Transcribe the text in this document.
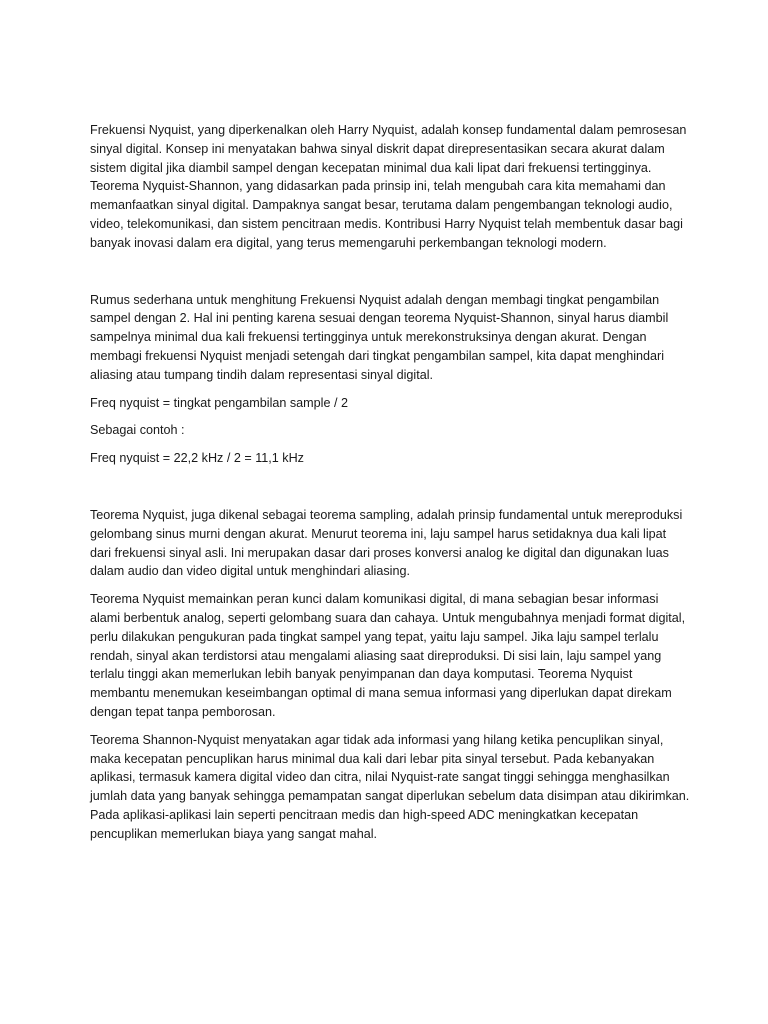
Frekuensi Nyquist, yang diperkenalkan oleh Harry Nyquist, adalah konsep fundamental dalam pemrosesan sinyal digital. Konsep ini menyatakan bahwa sinyal diskrit dapat direpresentasikan secara akurat dalam sistem digital jika diambil sampel dengan kecepatan minimal dua kali lipat dari frekuensi tertingginya. Teorema Nyquist-Shannon, yang didasarkan pada prinsip ini, telah mengubah cara kita memahami dan memanfaatkan sinyal digital. Dampaknya sangat besar, terutama dalam pengembangan teknologi audio, video, telekomunikasi, dan sistem pencitraan medis. Kontribusi Harry Nyquist telah membentuk dasar bagi banyak inovasi dalam era digital, yang terus memengaruhi perkembangan teknologi modern.

Rumus sederhana untuk menghitung Frekuensi Nyquist adalah dengan membagi tingkat pengambilan sampel dengan 2. Hal ini penting karena sesuai dengan teorema Nyquist-Shannon, sinyal harus diambil sampelnya minimal dua kali frekuensi tertingginya untuk merekonstruksinya dengan akurat. Dengan membagi frekuensi Nyquist menjadi setengah dari tingkat pengambilan sampel, kita dapat menghindari aliasing atau tumpang tindih dalam representasi sinyal digital.

Freq nyquist = tingkat pengambilan sample / 2

Sebagai contoh :

Freq nyquist = 22,2 kHz / 2 = 11,1 kHz

Teorema Nyquist, juga dikenal sebagai teorema sampling, adalah prinsip fundamental untuk mereproduksi gelombang sinus murni dengan akurat. Menurut teorema ini, laju sampel harus setidaknya dua kali lipat dari frekuensi sinyal asli. Ini merupakan dasar dari proses konversi analog ke digital dan digunakan luas dalam audio dan video digital untuk menghindari aliasing.

Teorema Nyquist memainkan peran kunci dalam komunikasi digital, di mana sebagian besar informasi alami berbentuk analog, seperti gelombang suara dan cahaya. Untuk mengubahnya menjadi format digital, perlu dilakukan pengukuran pada tingkat sampel yang tepat, yaitu laju sampel. Jika laju sampel terlalu rendah, sinyal akan terdistorsi atau mengalami aliasing saat direproduksi. Di sisi lain, laju sampel yang terlalu tinggi akan memerlukan lebih banyak penyimpanan dan daya komputasi. Teorema Nyquist membantu menemukan keseimbangan optimal di mana semua informasi yang diperlukan dapat direkam dengan tepat tanpa pemborosan.

Teorema Shannon-Nyquist menyatakan agar tidak ada informasi yang hilang ketika pencuplikan sinyal, maka kecepatan pencuplikan harus minimal dua kali dari lebar pita sinyal tersebut. Pada kebanyakan aplikasi, termasuk kamera digital video dan citra, nilai Nyquist-rate sangat tinggi sehingga menghasilkan jumlah data yang banyak sehingga pemampatan sangat diperlukan sebelum data disimpan atau dikirimkan. Pada aplikasi-aplikasi lain seperti pencitraan medis dan high-speed ADC meningkatkan kecepatan pencuplikan memerlukan biaya yang sangat mahal.
